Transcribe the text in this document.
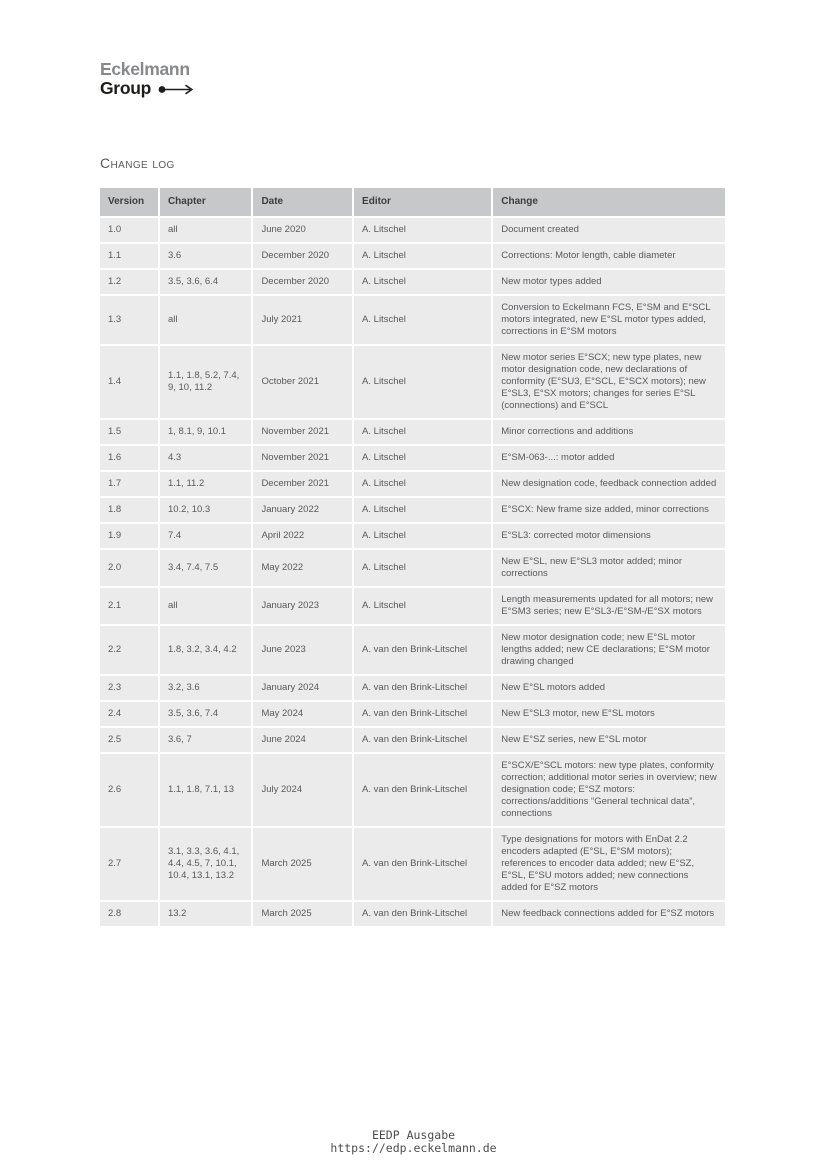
Eckelmann
Group
Change log
Version	Chapter	Date	Editor	Change
1.0	all	June 2020	A. Litschel	Document created
1.1	3.6	December 2020	A. Litschel	Corrections: Motor length, cable diameter
1.2	3.5, 3.6, 6.4	December 2020	A. Litschel	New motor types added
1.3	all	July 2021	A. Litschel	Conversion to Eckelmann FCS, E°SM and E°SCL motors integrated, new E°SL motor types added, corrections in E°SM motors
1.4	1.1, 1.8, 5.2, 7.4, 9, 10, 11.2	October 2021	A. Litschel	New motor series E°SCX; new type plates, new motor designation code, new declarations of conformity (E°SU3, E°SCL, E°SCX motors); new E°SL3, E°SX motors; changes for series E°SL (connections) and E°SCL
1.5	1, 8.1, 9, 10.1	November 2021	A. Litschel	Minor corrections and additions
1.6	4.3	November 2021	A. Litschel	E°SM-063-...: motor added
1.7	1.1, 11.2	December 2021	A. Litschel	New designation code, feedback connection added
1.8	10.2, 10.3	January 2022	A. Litschel	E°SCX: New frame size added, minor corrections
1.9	7.4	April 2022	A. Litschel	E°SL3: corrected motor dimensions
2.0	3.4, 7.4, 7.5	May 2022	A. Litschel	New E°SL, new E°SL3 motor added; minor corrections
2.1	all	January 2023	A. Litschel	Length measurements updated for all motors; new E°SM3 series; new E°SL3-/E°SM-/E°SX motors
2.2	1.8, 3.2, 3.4, 4.2	June 2023	A. van den Brink-Litschel	New motor designation code; new E°SL motor lengths added; new CE declarations; E°SM motor drawing changed
2.3	3.2, 3.6	January 2024	A. van den Brink-Litschel	New E°SL motors added
2.4	3.5, 3.6, 7.4	May 2024	A. van den Brink-Litschel	New E°SL3 motor, new E°SL motors
2.5	3.6, 7	June 2024	A. van den Brink-Litschel	New E°SZ series, new E°SL motor
2.6	1.1, 1.8, 7.1, 13	July 2024	A. van den Brink-Litschel	E°SCX/E°SCL motors: new type plates, conformity correction; additional motor series in overview; new designation code; E°SZ motors: corrections/additions “General technical data”, connections
2.7	3.1, 3.3, 3.6, 4.1, 4.4, 4.5, 7, 10.1, 10.4, 13.1, 13.2	March 2025	A. van den Brink-Litschel	Type designations for motors with EnDat 2.2 encoders adapted (E°SL, E°SM motors); references to encoder data added; new E°SZ, E°SL, E°SU motors added; new connections added for E°SZ motors
2.8	13.2	March 2025	A. van den Brink-Litschel	New feedback connections added for E°SZ motors
EEDP Ausgabe
https://edp.eckelmann.de
